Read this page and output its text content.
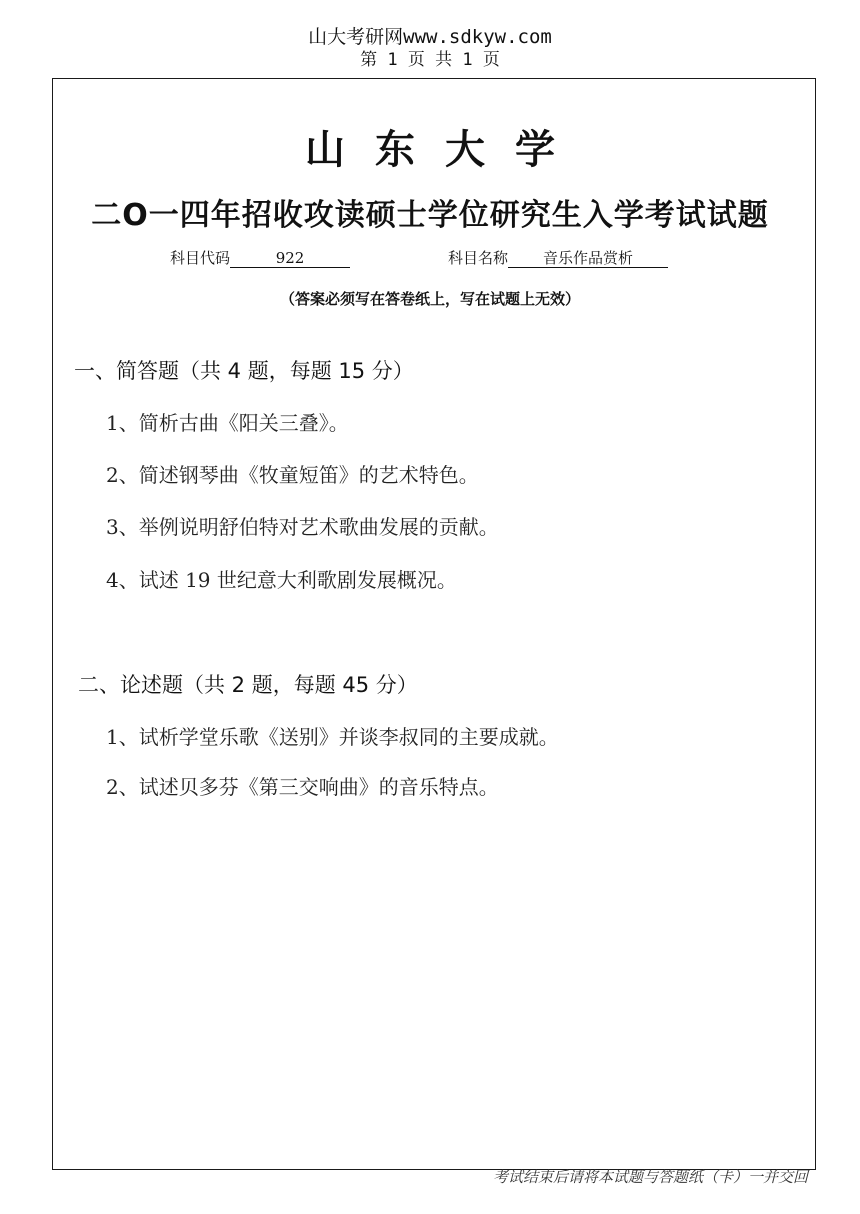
山大考研网www.sdkyw.com
第 1 页 共 1 页
山东大学
二O一四年招收攻读硕士学位研究生入学考试试题
科目代码	922	科目名称 音乐作品赏析
（答案必须写在答卷纸上，写在试题上无效）
一、简答题（共 4 题，每题 15 分）
1、简析古曲《阳关三叠》。
2、简述钢琴曲《牧童短笛》的艺术特色。
3、举例说明舒伯特对艺术歌曲发展的贡献。
4、试述 19 世纪意大利歌剧发展概况。
二、论述题（共 2 题，每题 45 分）
1、试析学堂乐歌《送别》并谈李叔同的主要成就。
2、试述贝多芬《第三交响曲》的音乐特点。
考试结束后请将本试题与答题纸（卡）一并交回
